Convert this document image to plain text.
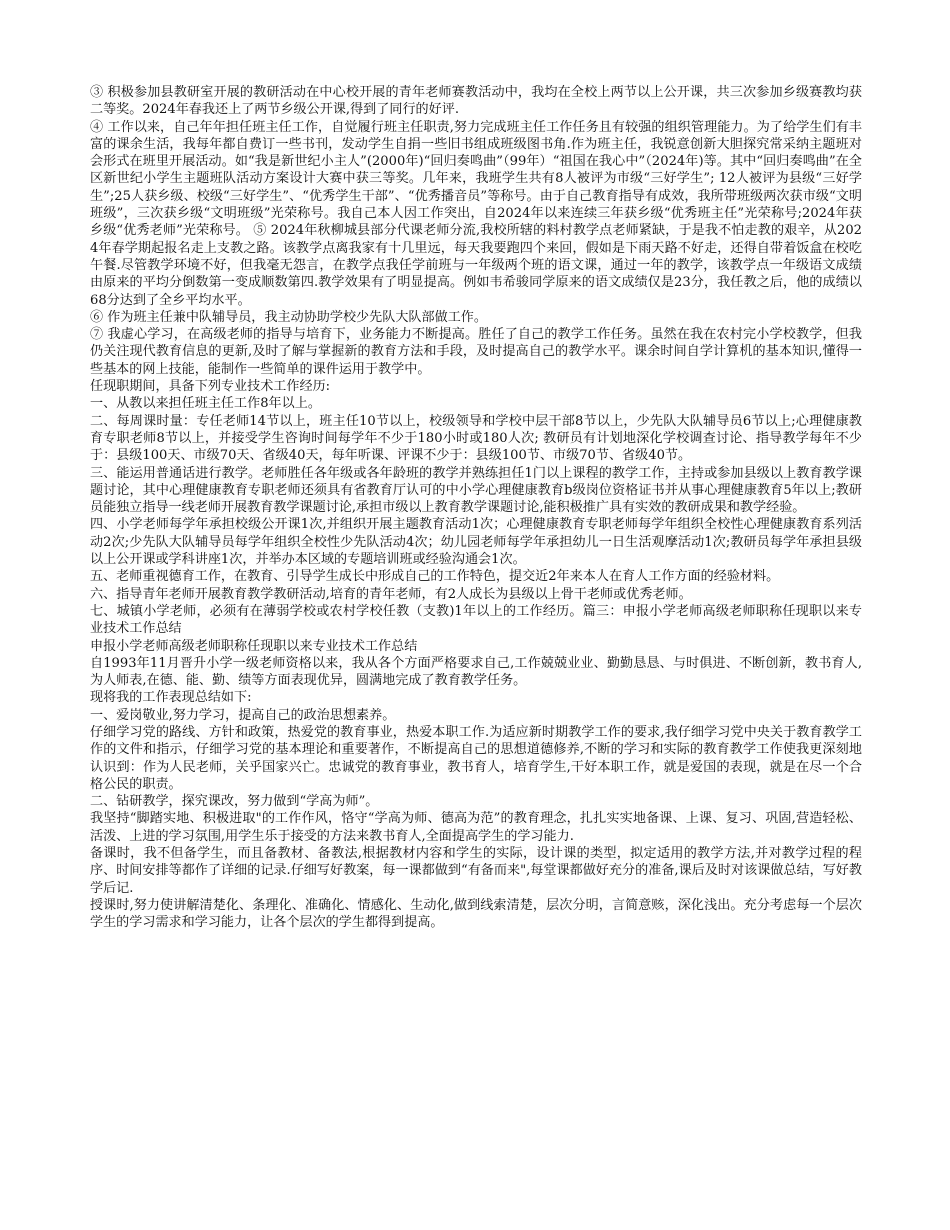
③ 积极参加县教研室开展的教研活动在中心校开展的青年老师赛教活动中，我均在全校上两节以上公开课，共三次参加乡级赛教均获二等奖。2024年春我还上了两节乡级公开课,得到了同行的好评.

④ 工作以来，自己年年担任班主任工作，自觉履行班主任职责,努力完成班主任工作任务且有较强的组织管理能力。为了给学生们有丰富的课余生活，我每年都自费订一些书刊，发动学生自捐一些旧书组成班级图书角.作为班主任，我锐意创新大胆探究常采纳主题班对会形式在班里开展活动。如“我是新世纪小主人”(2000年)“回归奏鸣曲”（99年）“祖国在我心中”（2024年)等。其中“回归奏鸣曲”在全区新世纪小学生主题班队活动方案设计大赛中获三等奖。几年来，我班学生共有8人被评为市级“三好学生”; 12人被评为县级“三好学生”;25人获乡级、校级“三好学生”、“优秀学生干部”、“优秀播音员”等称号。由于自己教育指导有成效，我所带班级两次获市级“文明班级”，三次获乡级“文明班级”光荣称号。我自己本人因工作突出，自2024年以来连续三年获乡级“优秀班主任”光荣称号;2024年获乡级“优秀老师”光荣称号。 ⑤ 2024年秋柳城县部分代课老师分流,我校所辖的料村教学点老师紧缺，于是我不怕走教的艰辛，从2024年春学期起报名走上支教之路。该教学点离我家有十几里远，每天我要跑四个来回，假如是下雨天路不好走，还得自带着饭盒在校吃午餐.尽管教学环境不好，但我毫无怨言，在教学点我任学前班与一年级两个班的语文课，通过一年的教学，该教学点一年级语文成绩由原来的平均分倒数第一变成顺数第四.教学效果有了明显提高。例如韦希骏同学原来的语文成绩仅是23分，我任教之后，他的成绩以68分达到了全乡平均水平。

⑥ 作为班主任兼中队辅导员，我主动协助学校少先队大队部做工作。

⑦ 我虚心学习，在高级老师的指导与培育下，业务能力不断提高。胜任了自己的教学工作任务。虽然在我在农村完小学校教学，但我仍关注现代教育信息的更新,及时了解与掌握新的教育方法和手段，及时提高自己的教学水平。课余时间自学计算机的基本知识,懂得一些基本的网上技能，能制作一些简单的课件运用于教学中。

任现职期间，具备下列专业技术工作经历:

一、从教以来担任班主任工作8年以上。

二、每周课时量：专任老师14节以上，班主任10节以上，校级领导和学校中层干部8节以上，少先队大队辅导员6节以上;心理健康教育专职老师8节以上，并接受学生咨询时间每学年不少于180小时或180人次; 教研员有计划地深化学校调查讨论、指导教学每年不少于：县级100天、市级70天、省级40天，每年听课、评课不少于：县级100节、市级70节、省级40节。

三、能运用普通话进行教学。老师胜任各年级或各年龄班的教学并熟练担任1门以上课程的教学工作，主持或参加县级以上教育教学课题讨论，其中心理健康教育专职老师还须具有省教育厅认可的中小学心理健康教育b级岗位资格证书并从事心理健康教育5年以上;教研员能独立指导一线老师开展教育教学课题讨论,承担市级以上教育教学课题讨论,能积极推广具有实效的教研成果和教学经验。

四、小学老师每学年承担校级公开课1次,并组织开展主题教育活动1次；心理健康教育专职老师每学年组织全校性心理健康教育系列活动2次;少先队大队辅导员每学年组织全校性少先队活动4次；幼儿园老师每学年承担幼儿一日生活观摩活动1次;教研员每学年承担县级以上公开课或学科讲座1次，并举办本区域的专题培训班或经验沟通会1次。

五、老师重视德育工作，在教育、引导学生成长中形成自己的工作特色，提交近2年来本人在育人工作方面的经验材料。

六、指导青年老师开展教育教学教研活动,培育的青年老师，有2人成长为县级以上骨干老师或优秀老师。

七、城镇小学老师，必须有在薄弱学校或农村学校任教（支教)1年以上的工作经历。篇三：申报小学老师高级老师职称任现职以来专业技术工作总结

申报小学老师高级老师职称任现职以来专业技术工作总结

自1993年11月晋升小学一级老师资格以来，我从各个方面严格要求自己,工作兢兢业业、勤勤恳恳、与时俱进、不断创新，教书育人,为人师表,在德、能、勤、绩等方面表现优异，圆满地完成了教育教学任务。

现将我的工作表现总结如下:

一、爱岗敬业,努力学习，提高自己的政治思想素养。

仔细学习党的路线、方针和政策，热爱党的教育事业，热爱本职工作.为适应新时期教学工作的要求,我仔细学习党中央关于教育教学工作的文件和指示，仔细学习党的基本理论和重要著作，不断提高自己的思想道德修养,不断的学习和实际的教育教学工作使我更深刻地认识到：作为人民老师，关乎国家兴亡。忠诚党的教育事业，教书育人，培育学生,干好本职工作，就是爱国的表现，就是在尽一个合格公民的职责。

二、钻研教学，探究课改，努力做到“学高为师”。

我坚持“脚踏实地、积极进取"的工作作风，恪守“学高为师、德高为范”的教育理念，扎扎实实地备课、上课、复习、巩固,营造轻松、活泼、上进的学习氛围,用学生乐于接受的方法来教书育人,全面提高学生的学习能力.

备课时，我不但备学生，而且备教材、备教法,根据教材内容和学生的实际，设计课的类型，拟定适用的教学方法,并对教学过程的程序、时间安排等都作了详细的记录.仔细写好教案，每一课都做到“有备而来",每堂课都做好充分的准备,课后及时对该课做总结，写好教学后记.

授课时,努力使讲解清楚化、条理化、准确化、情感化、生动化,做到线索清楚，层次分明，言简意赅，深化浅出。充分考虑每一个层次学生的学习需求和学习能力，让各个层次的学生都得到提高。
